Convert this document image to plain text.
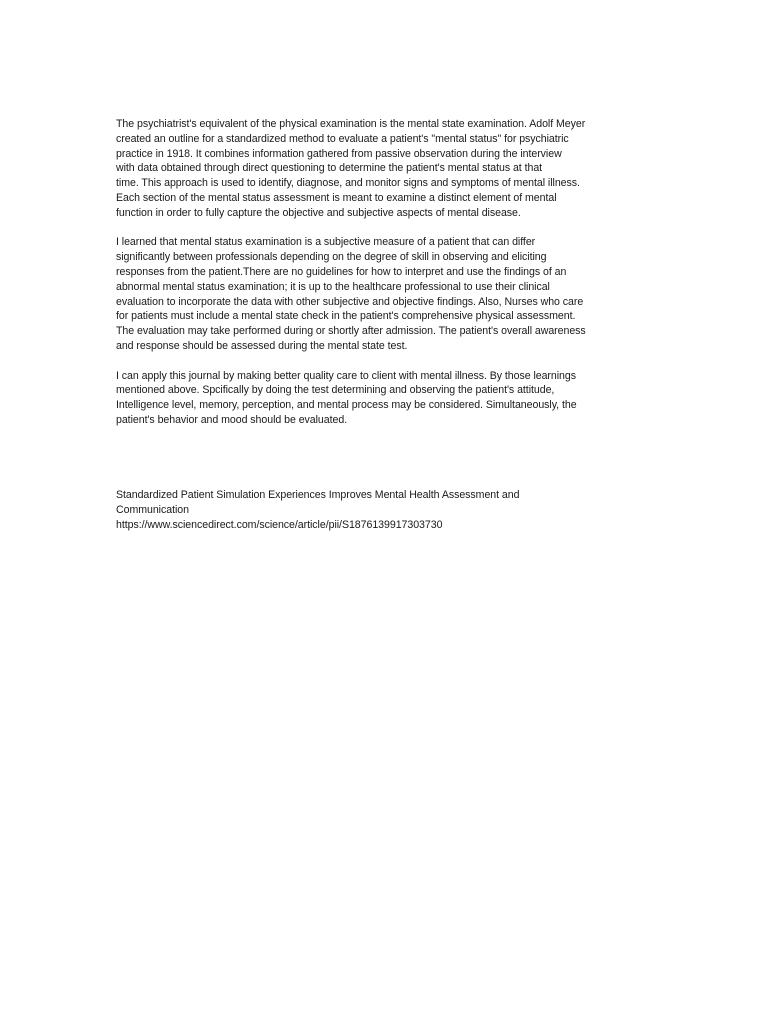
The psychiatrist's equivalent of the physical examination is the mental state examination. Adolf Meyer
created an outline for a standardized method to evaluate a patient's "mental status" for psychiatric
practice in 1918. It combines information gathered from passive observation during the interview
with data obtained through direct questioning to determine the patient's mental status at that
time. This approach is used to identify, diagnose, and monitor signs and symptoms of mental illness.
Each section of the mental status assessment is meant to examine a distinct element of mental
function in order to fully capture the objective and subjective aspects of mental disease.

I learned that mental status examination is a subjective measure of a patient that can differ
significantly between professionals depending on the degree of skill in observing and eliciting
responses from the patient.There are no guidelines for how to interpret and use the findings of an
abnormal mental status examination; it is up to the healthcare professional to use their clinical
evaluation to incorporate the data with other subjective and objective findings. Also, Nurses who care
for patients must include a mental state check in the patient's comprehensive physical assessment.
The evaluation may take performed during or shortly after admission. The patient's overall awareness
and response should be assessed during the mental state test.

I can apply this journal by making better quality care to client with mental illness. By those learnings
mentioned above. Spcifically by doing the test determining and observing the patient's attitude,
Intelligence level, memory, perception, and mental process may be considered. Simultaneously, the
patient's behavior and mood should be evaluated.

Standardized Patient Simulation Experiences Improves Mental Health Assessment and
Communication
https://www.sciencedirect.com/science/article/pii/S1876139917303730
